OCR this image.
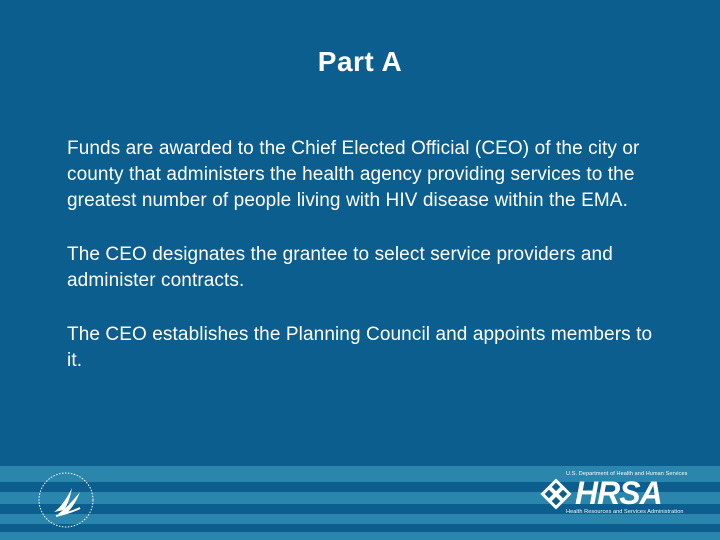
Part A

Funds are awarded to the Chief Elected Official (CEO) of the city or county that administers the health agency providing services to the greatest number of people living with HIV disease within the EMA.

The CEO designates the grantee to select service providers and administer contracts.

The CEO establishes the Planning Council and appoints members to it.

U.S. Department of Health and Human Services
HRSA
Health Resources and Services Administration
